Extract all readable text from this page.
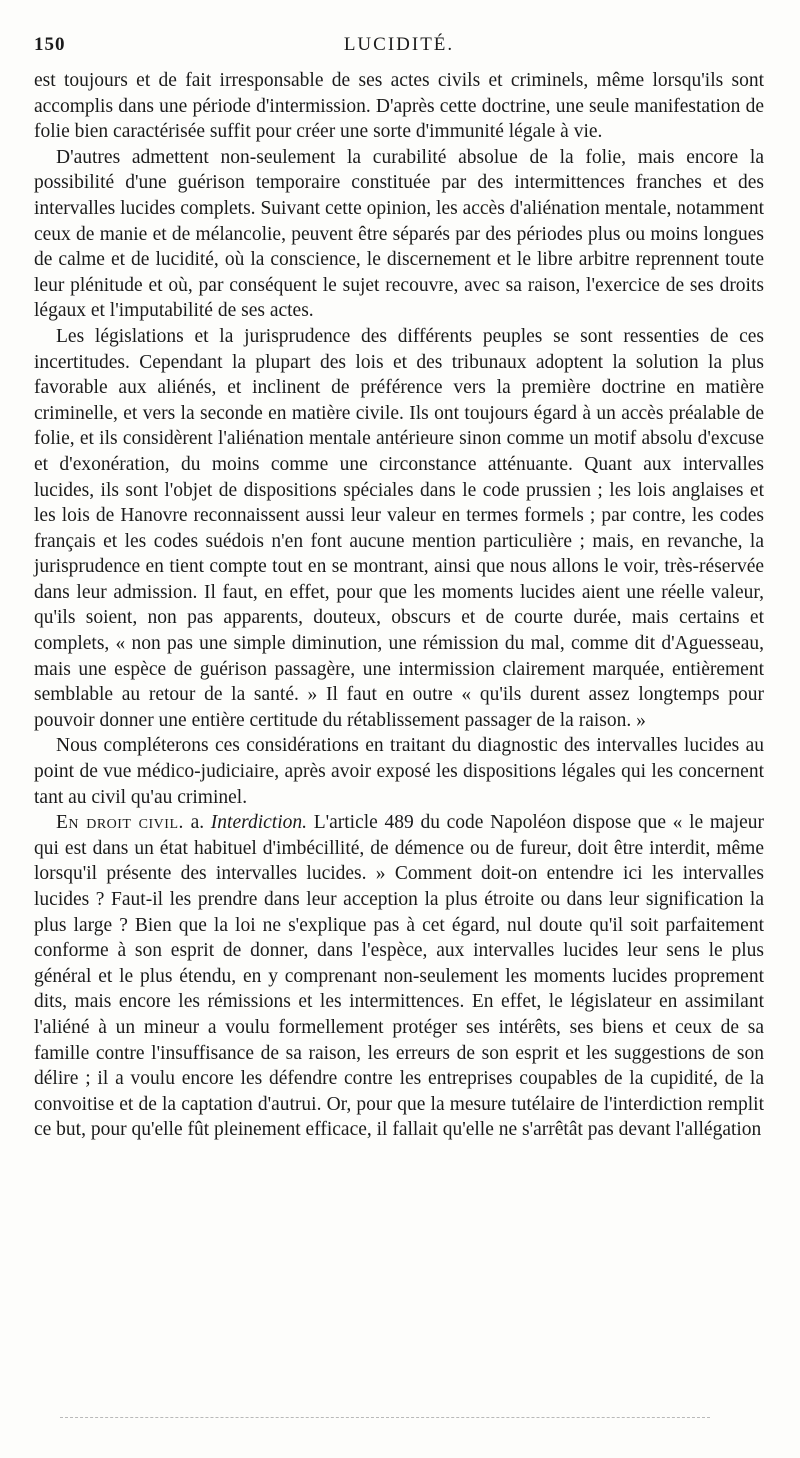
150	LUCIDITÉ.

est toujours et de fait irresponsable de ses actes civils et criminels, même lorsqu'ils sont accomplis dans une période d'intermission. D'après cette doctrine, une seule manifestation de folie bien caractérisée suffit pour créer une sorte d'immunité légale à vie.

D'autres admettent non-seulement la curabilité absolue de la folie, mais encore la possibilité d'une guérison temporaire constituée par des intermittences franches et des intervalles lucides complets. Suivant cette opinion, les accès d'aliénation mentale, notamment ceux de manie et de mélancolie, peuvent être séparés par des périodes plus ou moins longues de calme et de lucidité, où la conscience, le discernement et le libre arbitre reprennent toute leur plénitude et où, par conséquent le sujet recouvre, avec sa raison, l'exercice de ses droits légaux et l'imputabilité de ses actes.

Les législations et la jurisprudence des différents peuples se sont ressenties de ces incertitudes. Cependant la plupart des lois et des tribunaux adoptent la solution la plus favorable aux aliénés, et inclinent de préférence vers la première doctrine en matière criminelle, et vers la seconde en matière civile. Ils ont toujours égard à un accès préalable de folie, et ils considèrent l'aliénation mentale antérieure sinon comme un motif absolu d'excuse et d'exonération, du moins comme une circonstance atténuante. Quant aux intervalles lucides, ils sont l'objet de dispositions spéciales dans le code prussien ; les lois anglaises et les lois de Hanovre reconnaissent aussi leur valeur en termes formels ; par contre, les codes français et les codes suédois n'en font aucune mention particulière ; mais, en revanche, la jurisprudence en tient compte tout en se montrant, ainsi que nous allons le voir, très-réservée dans leur admission. Il faut, en effet, pour que les moments lucides aient une réelle valeur, qu'ils soient, non pas apparents, douteux, obscurs et de courte durée, mais certains et complets, « non pas une simple diminution, une rémission du mal, comme dit d'Aguesseau, mais une espèce de guérison passagère, une intermission clairement marquée, entièrement semblable au retour de la santé. » Il faut en outre « qu'ils durent assez longtemps pour pouvoir donner une entière certitude du rétablissement passager de la raison. »

Nous compléterons ces considérations en traitant du diagnostic des intervalles lucides au point de vue médico-judiciaire, après avoir exposé les dispositions légales qui les concernent tant au civil qu'au criminel.

En droit civil. a. Interdiction. L'article 489 du code Napoléon dispose que « le majeur qui est dans un état habituel d'imbécillité, de démence ou de fureur, doit être interdit, même lorsqu'il présente des intervalles lucides. » Comment doit-on entendre ici les intervalles lucides ? Faut-il les prendre dans leur acception la plus étroite ou dans leur signification la plus large ? Bien que la loi ne s'explique pas à cet égard, nul doute qu'il soit parfaitement conforme à son esprit de donner, dans l'espèce, aux intervalles lucides leur sens le plus général et le plus étendu, en y comprenant non-seulement les moments lucides proprement dits, mais encore les rémissions et les intermittences. En effet, le législateur en assimilant l'aliéné à un mineur a voulu formellement protéger ses intérêts, ses biens et ceux de sa famille contre l'insuffisance de sa raison, les erreurs de son esprit et les suggestions de son délire ; il a voulu encore les défendre contre les entreprises coupables de la cupidité, de la convoitise et de la captation d'autrui. Or, pour que la mesure tutélaire de l'interdiction remplit ce but, pour qu'elle fût pleinement efficace, il fallait qu'elle ne s'arrêtât pas devant l'allégation
